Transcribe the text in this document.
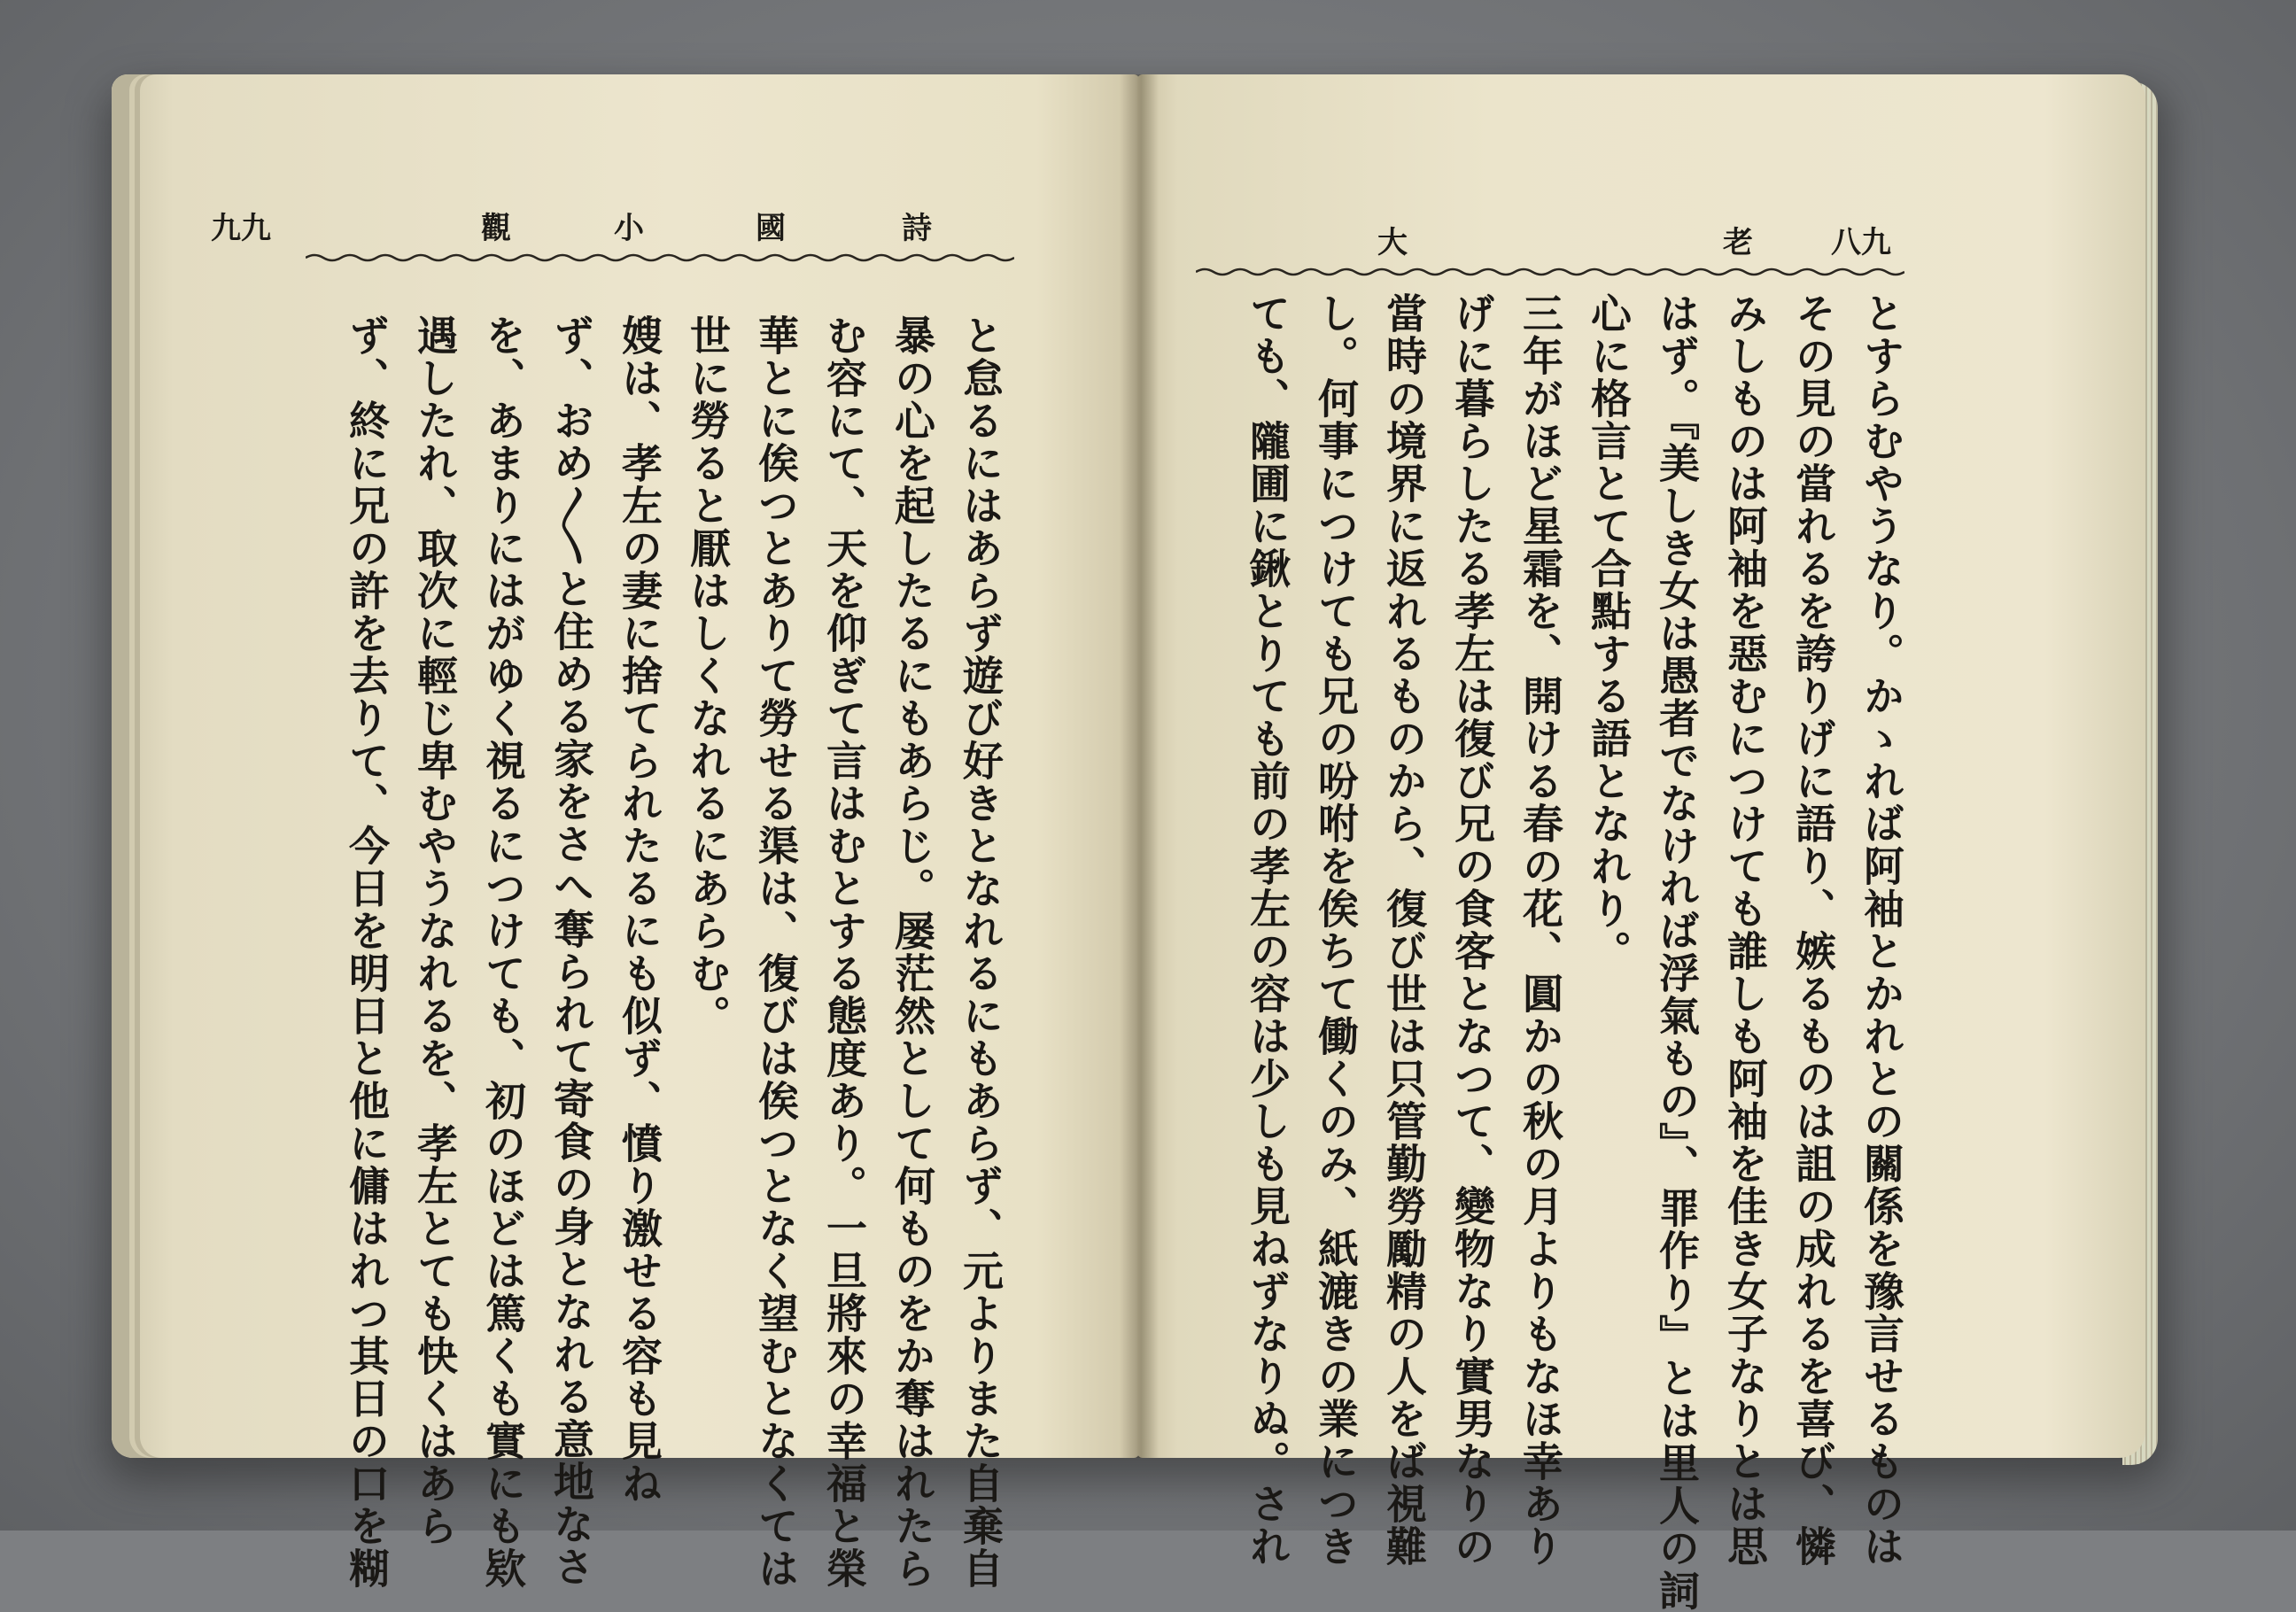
九九	觀	小	國	詩	大	老	八九
と怠るにはあらず遊び好きとなれるにもあらず、元よりまた自棄自
暴の心を起したるにもあらじ。屡茫然として何ものをか奪はれたら
む容にて、天を仰ぎて言はむとする態度あり。一旦將來の幸福と榮
華とに俟つとありて勞せる渠は、復びは俟つとなく望むとなくては
世に勞ると厭はしくなれるにあらむ。
嫂は、孝左の妻に捨てられたるにも似ず、憤り激せる容も見ね
ず、おめ〳〵と住める家をさへ奪られて寄食の身となれる意地なさ
を、あまりにはがゆく視るにつけても、初のほどは篤くも實にも欵
遇したれ、取次に輕じ卑むやうなれるを、孝左とても快くはあら
ず、終に兄の許を去りて、今日を明日と他に傭はれつ其日の口を糊	とすらむやうなり。かゝれば阿袖とかれとの關係を豫言せるものは
その見の當れるを誇りげに語り、嫉るものは詛の成れるを喜び、憐
みしものは阿袖を惡むにつけても誰しも阿袖を佳き女子なりとは思
はず。『美しき女は愚者でなければ浮氣もの』、罪作り』とは里人の詞
心に格言とて合點する語となれり。
三年がほど星霜を、開ける春の花、圓かの秋の月よりもなほ幸あり
げに暮らしたる孝左は復び兄の食客となつて、變物なり實男なりの
當時の境界に返れるものから、復び世は只管勤勞勵精の人をば視難
し。何事につけても兄の吩咐を俟ちて働くのみ、紙漉きの業につき
ても、隴圃に鍬とりても前の孝左の容は少しも見ねずなりぬ。され
